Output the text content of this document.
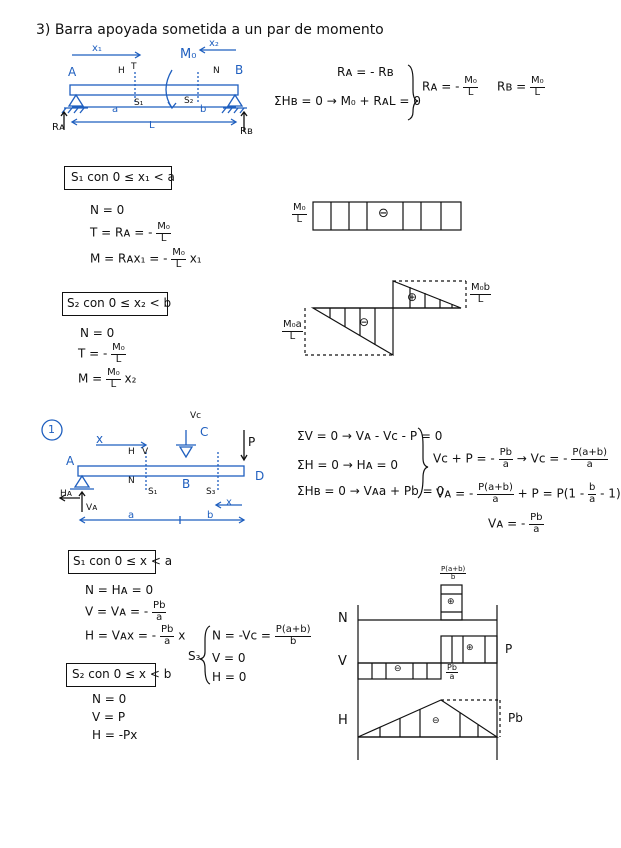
3) Barra apoyada sometida a un par de momento
x₁	x₂
M₀
A	B
H T	N
S₁	S₂
a	b
L
Rᴀ	Rʙ
Rᴀ = - Rʙ
ΣHʙ = 0 → M₀ + RᴀL = 0
Rᴀ = - $\frac{\text{M₀}}{L}$ Rʙ = $\frac{\text{M₀}}{L}$
S₁ con 0 ≤ x₁ < a
N = 0
T = Rᴀ = - $\frac{\text{M₀}}{L}$
M = Rᴀx₁ = - $\frac{\text{M₀}}{L} x_1$
S₂ con 0 ≤ x₂ < b
N = 0
T = - $\frac{\text{M₀}}{L}$
$M = \frac{\text{M₀}}{L} x_2$
$\frac{\text{M₀}}{L}$	⊖
$\frac{\text{M₀b}}{L}$
$\frac{\text{M₀a}}{L}$
⊕
⊖
1
A
B
C
D
x
Vc
P
Hᴀ
Vᴀ
S₁	S₃
H V
N
a	b
x
ΣV = 0 → Vᴀ - Vc - P = 0
ΣH = 0 → Hᴀ = 0
ΣHʙ = 0 → Vᴀa + Pb = 0
Vc + P = - $\frac{Pb}{a} \to Vc$ = - $\frac{P(a+b)}{a}$
Vᴀ = - $\frac{P(a+b)}{a} + P = P(1 - \frac{b}{a} - 1)$
Vᴀ = - $\frac{Pb}{a}$
S₁ con 0 ≤ x < a
N = Hᴀ = 0
V = Vᴀ = - $\frac{Pb}{a}$
H = Vᴀx = - $\frac{Pb}{a}$ x
S₃
$N = -Vc = \frac{P(a+b)}{b}$
V = 0
H = 0
S₂ con 0 ≤ x < b
N = 0
V = P
H = -Px
N
V
H
$\frac{P(a+b)}{b}$
⊕
P
⊕
⊖	$\frac{Pb}{a}$
Pb
⊖
